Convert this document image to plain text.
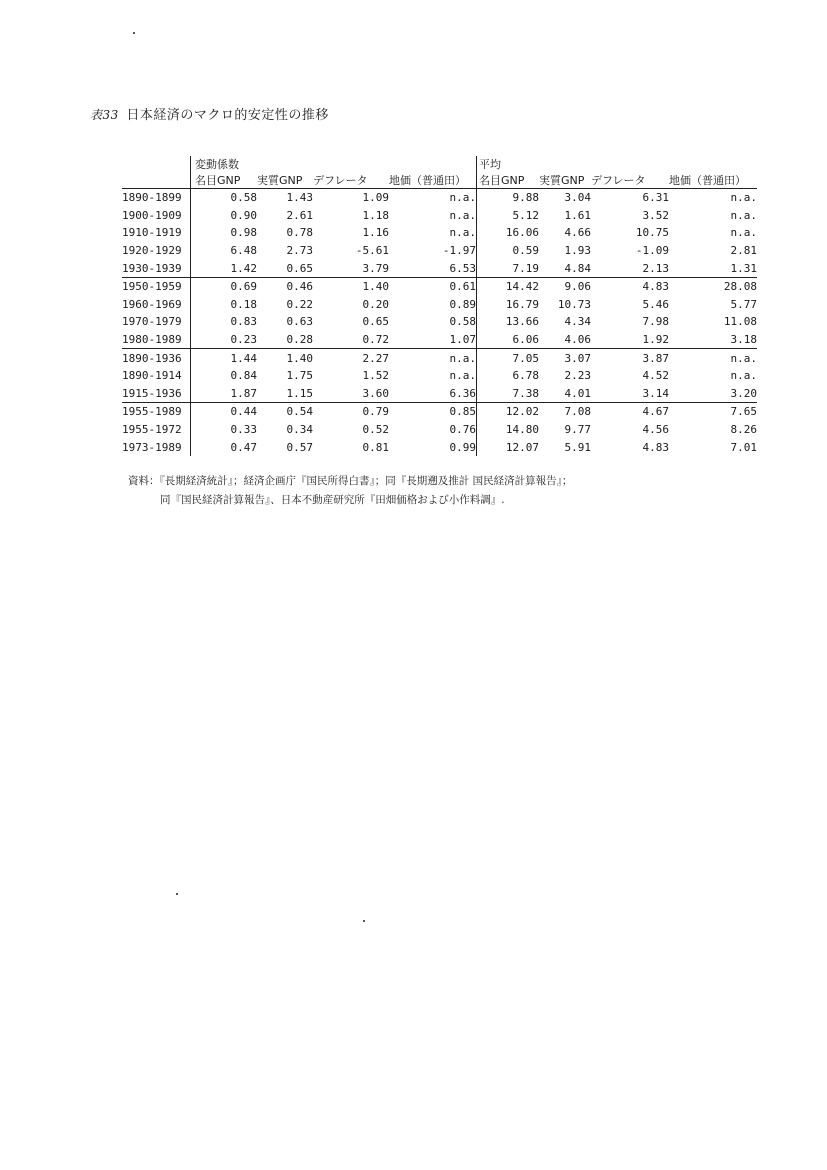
表33 日本経済のマクロ的安定性の推移
	変動係数				平均			
	名目GNP	実質GNP	デフレータ	地価（普通田）	名目GNP	実質GNP	デフレータ	地価（普通田）
1890-1899	0.58	1.43	1.09	n.a.	9.88	3.04	6.31	n.a.
1900-1909	0.90	2.61	1.18	n.a.	5.12	1.61	3.52	n.a.
1910-1919	0.98	0.78	1.16	n.a.	16.06	4.66	10.75	n.a.
1920-1929	6.48	2.73	-5.61	-1.97	0.59	1.93	-1.09	2.81
1930-1939	1.42	0.65	3.79	6.53	7.19	4.84	2.13	1.31
1950-1959	0.69	0.46	1.40	0.61	14.42	9.06	4.83	28.08
1960-1969	0.18	0.22	0.20	0.89	16.79	10.73	5.46	5.77
1970-1979	0.83	0.63	0.65	0.58	13.66	4.34	7.98	11.08
1980-1989	0.23	0.28	0.72	1.07	6.06	4.06	1.92	3.18
1890-1936	1.44	1.40	2.27	n.a.	7.05	3.07	3.87	n.a.
1890-1914	0.84	1.75	1.52	n.a.	6.78	2.23	4.52	n.a.
1915-1936	1.87	1.15	3.60	6.36	7.38	4.01	3.14	3.20
1955-1989	0.44	0.54	0.79	0.85	12.02	7.08	4.67	7.65
1955-1972	0.33	0.34	0.52	0.76	14.80	9.77	4.56	8.26
1973-1989	0.47	0.57	0.81	0.99	12.07	5.91	4.83	7.01
資料：『長期経済統計』；経済企画庁『国民所得白書』；同『長期遡及推計 国民経済計算報告』；
同『国民経済計算報告』、日本不動産研究所『田畑価格および小作料調』.
